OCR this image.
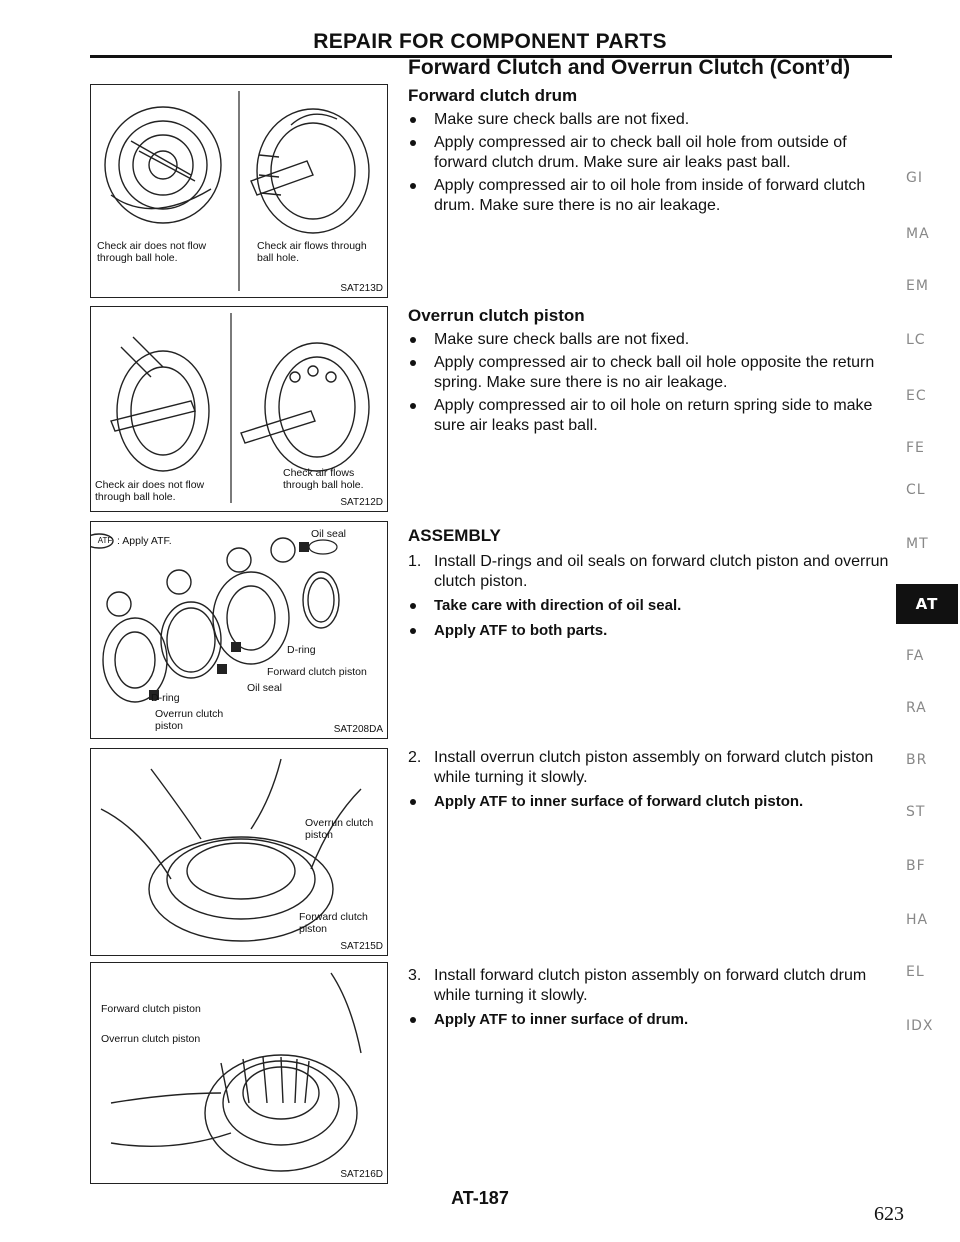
REPAIR FOR COMPONENT PARTS
Forward Clutch and Overrun Clutch (Cont’d)
Forward clutch drum
Make sure check balls are not fixed.
Apply compressed air to check ball oil hole from outside of forward clutch drum. Make sure air leaks past ball.
Apply compressed air to oil hole from inside of forward clutch drum. Make sure there is no air leakage.
Overrun clutch piston
Make sure check balls are not fixed.
Apply compressed air to check ball oil hole opposite the return spring. Make sure there is no air leakage.
Apply compressed air to oil hole on return spring side to make sure air leaks past ball.
ASSEMBLY
1. Install D-rings and oil seals on forward clutch piston and overrun clutch piston.
Take care with direction of oil seal.
Apply ATF to both parts.
2. Install overrun clutch piston assembly on forward clutch piston while turning it slowly.
Apply ATF to inner surface of forward clutch piston.
3. Install forward clutch piston assembly on forward clutch drum while turning it slowly.
Apply ATF to inner surface of drum.
Check air does not flow through ball hole.
Check air flows through ball hole.
SAT213D
Check air does not flow through ball hole.
Check air flows through ball hole.
SAT212D
ATF : Apply ATF.
Oil seal
D-ring
Forward clutch piston
Oil seal
D-ring
Overrun clutch piston	SAT208DA
Overrun clutch piston
Forward clutch piston
SAT215D
Forward clutch piston
Overrun clutch piston
SAT216D
GI
MA
EM
LC
EC
FE
CL
MT
AT
FA
RA
BR
ST
BF
HA
EL
IDX
AT-187
623
